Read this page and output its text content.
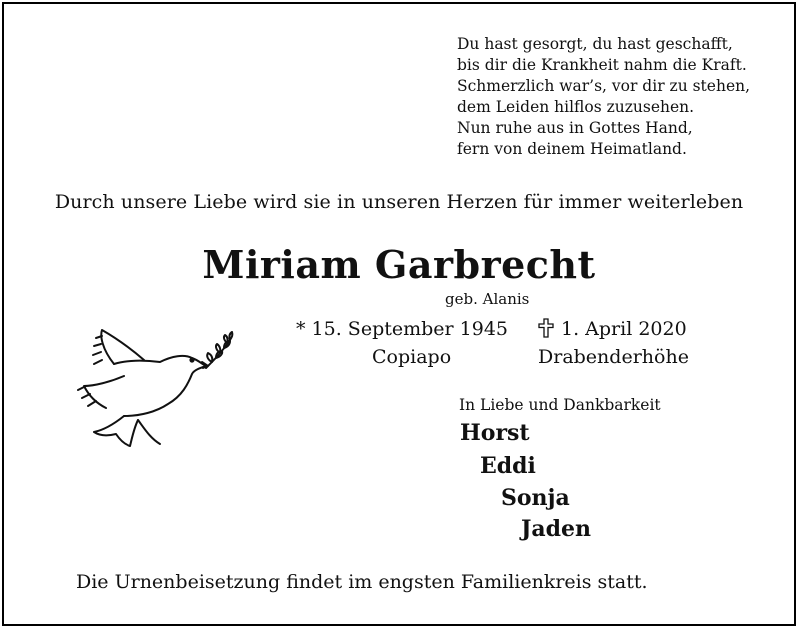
Du hast gesorgt, du hast geschafft,
bis dir die Krankheit nahm die Kraft.
Schmerzlich war’s, vor dir zu stehen,
dem Leiden hilflos zuzusehen.
Nun ruhe aus in Gottes Hand,
fern von deinem Heimatland.
Durch unsere Liebe wird sie in unseren Herzen für immer weiterleben
Miriam Garbrecht
geb. Alanis
* 15. September 1945
Copiapo
1. April 2020
Drabenderhöhe
In Liebe und Dankbarkeit
Horst
Eddi
Sonja
Jaden
Die Urnenbeisetzung findet im engsten Familienkreis statt.
